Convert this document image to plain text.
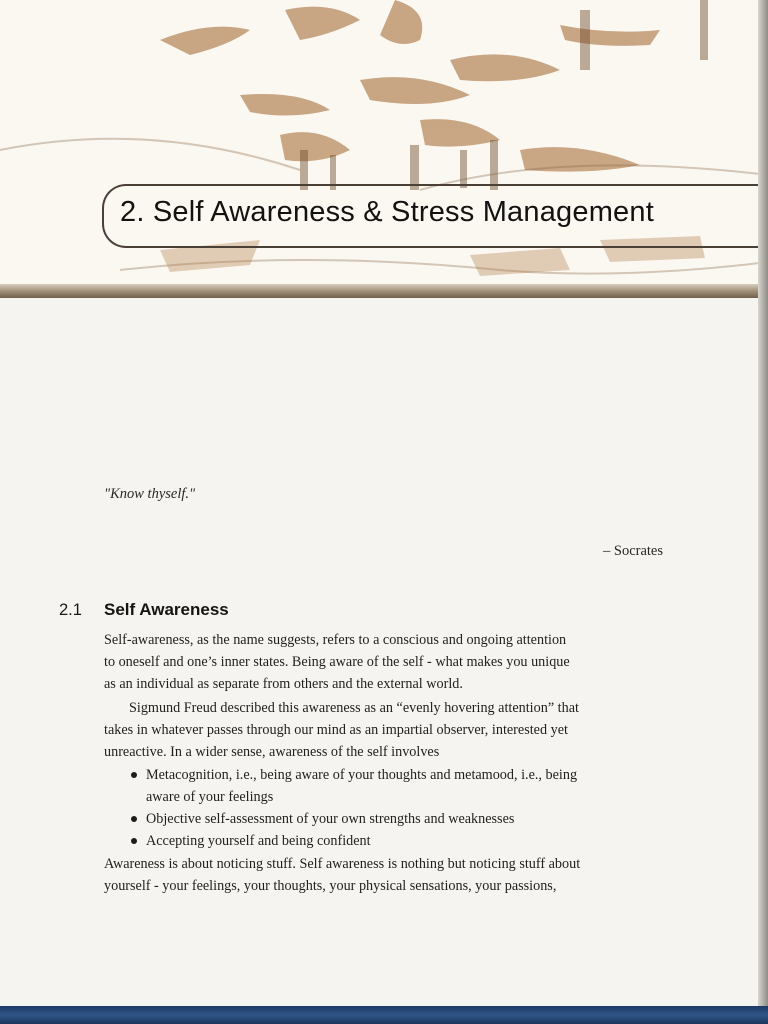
2. Self Awareness & Stress Management
"Know thyself."
– Socrates
2.1 Self Awareness
Self-awareness, as the name suggests, refers to a conscious and ongoing attention
to oneself and one’s inner states. Being aware of the self - what makes you unique
as an individual as separate from others and the external world.
Sigmund Freud described this awareness as an “evenly hovering attention” that
takes in whatever passes through our mind as an impartial observer, interested yet
unreactive. In a wider sense, awareness of the self involves
Metacognition, i.e., being aware of your thoughts and metamood, i.e., being
aware of your feelings
Objective self-assessment of your own strengths and weaknesses
Accepting yourself and being confident
Awareness is about noticing stuff. Self awareness is nothing but noticing stuff about
yourself - your feelings, your thoughts, your physical sensations, your passions,
